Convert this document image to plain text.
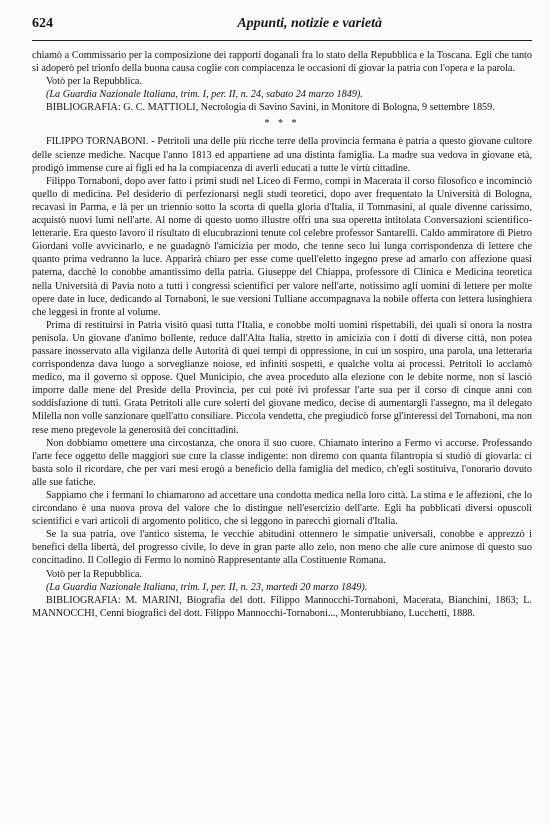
624	Appunti, notizie e varietà

chiamò a Commissario per la composizione dei rapporti doganali fra lo stato della Repubblica e la Toscana. Egli che tanto si adoperò pel trionfo della buona causa coglie con compiacenza le occasioni di giovar la patria con l'opera e la parola.

Votò per la Repubblica.

(La Guardia Nazionale Italiana, trim. I, per. II, n. 24, sabato 24 marzo 1849).

BIBLIOGRAFIA: G. C. MATTIOLI, Necrologia di Savino Savini, in Monitore di Bologna, 9 settembre 1859.

* * *

FILIPPO TORNABONI. - Petritoli una delle più ricche terre della provincia fermana è patria a questo giovane cultore delle scienze mediche. Nacque l'anno 1813 ed appartiene ad una distinta famiglia. La madre sua vedova in giovane età, prodigò immense cure ai figli ed ha la compiacenza di averli educati a tutte le virtù cittadine.

Filippo Tornaboni, dopo aver fatto i primi studi nel Liceo di Fermo, compì in Macerata il corso filosofico e incominciò quello di medicina. Pel desiderio di perfezionarsi negli studi teoretici, dopo aver frequentato la Università di Bologna, recavasi in Parma, e là per un triennio sotto la scorta di quella gloria d'Italia, il Tommasini, al quale divenne carissimo, acquistò nuovi lumi nell'arte. Al nome di questo uomo illustre offrì una sua operetta intitolata Conversazioni scientifico-letterarie. Era questo lavoro il risultato di elucubrazioni tenute col celebre professor Santarelli. Caldo ammiratore di Pietro Giordani volle avvicinarlo, e ne guadagnò l'amicizia per modo, che tenne seco lui lunga corrispondenza di lettere che quanto prima vedranno la luce. Apparirà chiaro per esse come quell'eletto ingegno prese ad amarlo con affezione quasi paterna, dacchè lo conobbe amantissimo della patria. Giuseppe del Chiappa, professore di Clinica e Medicina teoretica nella Università di Pavia noto a tutti i congressi scientifici per valore nell'arte, notissimo agli uomini di lettere per molte opere date in luce, dedicando al Tornaboni, le sue versioni Tulliane accompagnava la nobile offerta con lettera lusinghiera che leggesi in fronte al volume.

Prima di restituirsi in Patria visitò quasi tutta l'Italia, e conobbe molti uomini rispettabili, dei quali si onora la nostra penisola. Un giovane d'animo bollente, reduce dall'Alta Italia, stretto in amicizia con i dotti di diverse città, non potea passare inosservato alla vigilanza delle Autorità di quei tempi di oppressione, in cui un sospiro, una parola, una letteraria corrispondenza dava luogo a sorveglianze noiose, ed infiniti sospetti, e qualche volta ai processi. Petritoli lo acclamò medico, ma il governo si oppose. Quel Municipio, che avea proceduto alla elezione con le debite norme, non si lasciò imporre dalle mene del Preside della Provincia, per cui potè ivi professar l'arte sua per il corso di cinque anni con soddisfazione di tutti. Grata Petritoli alle cure solerti del giovane medico, decise di aumentargli l'assegno, ma il delegato Milella non volle sanzionare quell'atto consiliare. Piccola vendetta, che pregiudicò forse gl'interessi del Tornaboni, ma non rese meno pregevole la generosità dei concittadini.

Non dobbiamo omettere una circostanza, che onora il suo cuore. Chiamato interino a Fermo vi accorse. Professando l'arte fece oggetto delle maggiori sue cure la classe indigente: non diremo con quanta filantropia si studiò di giovarla: ci basta solo il ricordare, che per vari mesi erogò a beneficio della famiglia del medico, ch'egli sostituiva, l'onorario dovuto alle sue fatiche.

Sappiamo che i fermani lo chiamarono ad accettare una condotta medica nella loro città. La stima e le affezioni, che lo circondano è una nuova prova del valore che lo distingue nell'esercizio dell'arte. Egli ha pubblicati diversi opuscoli scientifici e vari articoli di argomento politico, che si leggono in parecchi giornali d'Italia.

Se la sua patria, ove l'antico sistema, le vecchie abitudini ottennero le simpatie universali, conobbe e apprezzò i benefici della libertà, del progresso civile, lo deve in gran parte allo zelo, non meno che alle cure animose di questo suo concittadino. Il Collegio di Fermo lo nominò Rappresentante alla Costituente Romana.

Votò per la Repubblica.

(La Guardia Nazionale Italiana, trim. I, per. II, n. 23, martedì 20 marzo 1849).

BIBLIOGRAFIA: M. MARINI, Biografia del dott. Filippo Mannocchi-Tornaboni, Macerata, Bianchini, 1863; L. MANNOCCHI, Cenni biografici del dott. Filippo Mannocchi-Tornaboni..., Monterubbiano, Lucchetti, 1888.
